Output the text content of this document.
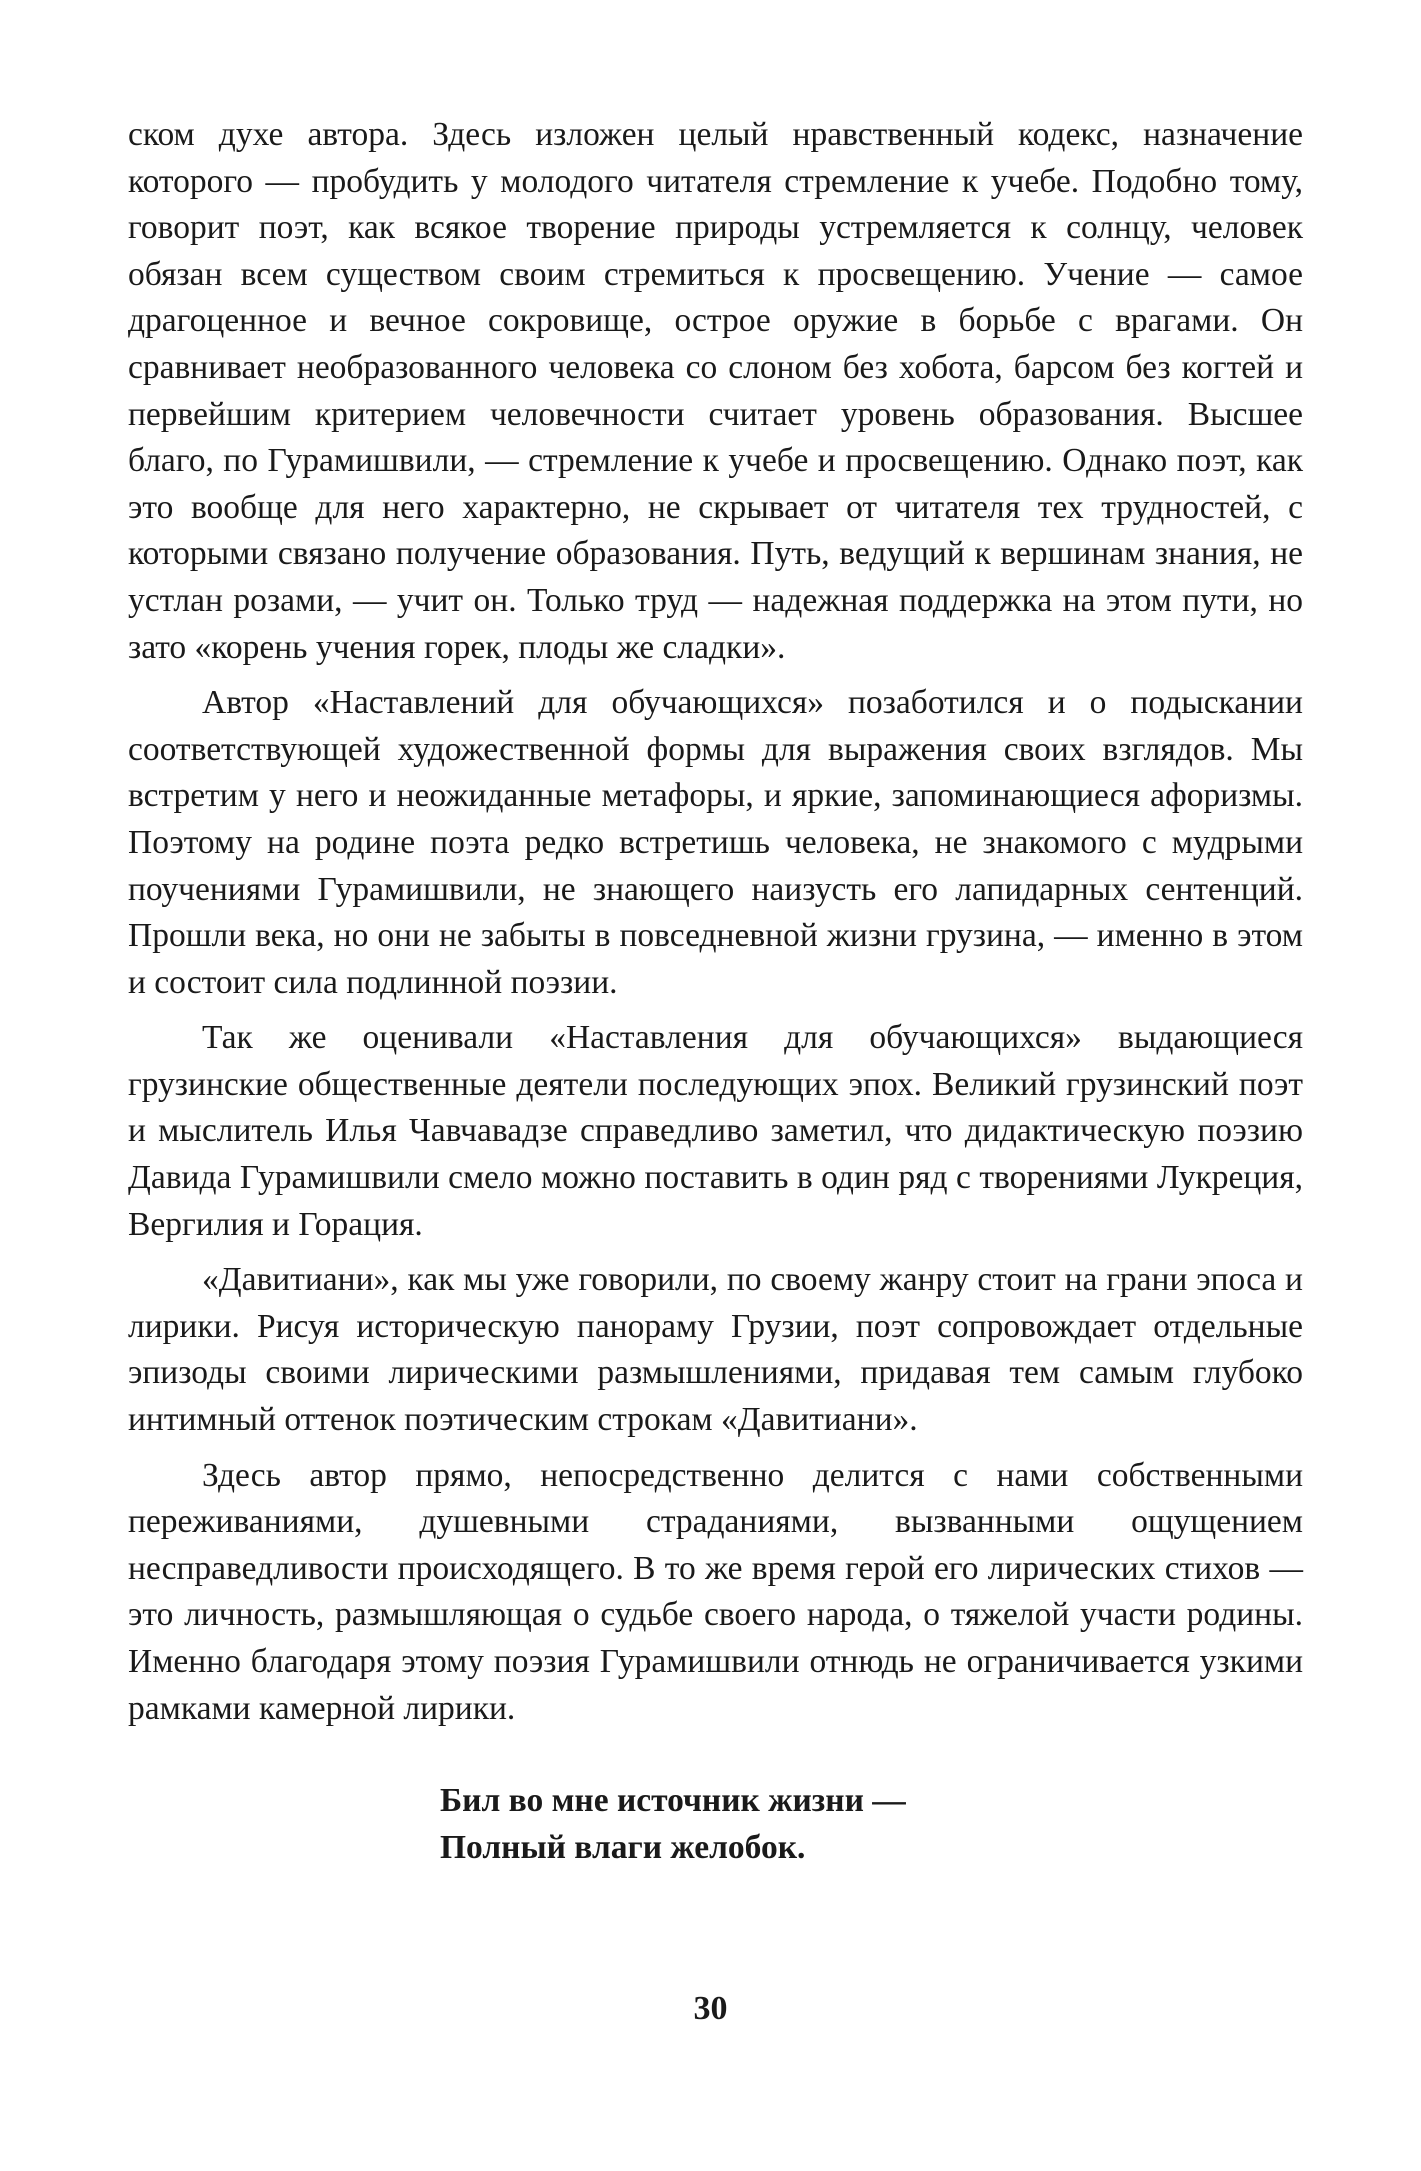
ском духе автора. Здесь изложен целый нравственный кодекс, назначение которого — пробудить у молодого читателя стремление к учебе. Подобно тому, говорит поэт, как всякое творение природы устремляется к солнцу, человек обязан всем существом своим стремиться к просвещению. Учение — самое драгоценное и вечное сокровище, острое оружие в борьбе с врагами. Он сравнивает необразованного человека со слоном без хобота, барсом без когтей и первейшим критерием человечности считает уровень образования. Высшее благо, по Гурамишвили, — стремление к учебе и просвещению. Однако поэт, как это вообще для него характерно, не скрывает от читателя тех трудностей, с которыми связано получение образования. Путь, ведущий к вершинам знания, не устлан розами, — учит он. Только труд — надежная поддержка на этом пути, но зато «корень учения горек, плоды же сладки».

Автор «Наставлений для обучающихся» позаботился и о подыскании соответствующей художественной формы для выражения своих взглядов. Мы встретим у него и неожиданные метафоры, и яркие, запоминающиеся афоризмы. Поэтому на родине поэта редко встретишь человека, не знакомого с мудрыми поучениями Гурамишвили, не знающего наизусть его лапидарных сентенций. Прошли века, но они не забыты в повседневной жизни грузина, — именно в этом и состоит сила подлинной поэзии.

Так же оценивали «Наставления для обучающихся» выдающиеся грузинские общественные деятели последующих эпох. Великий грузинский поэт и мыслитель Илья Чавчавадзе справедливо заметил, что дидактическую поэзию Давида Гурамишвили смело можно поставить в один ряд с творениями Лукреция, Вергилия и Горация.

«Давитиани», как мы уже говорили, по своему жанру стоит на грани эпоса и лирики. Рисуя историческую панораму Грузии, поэт сопровождает отдельные эпизоды своими лирическими размышлениями, придавая тем самым глубоко интимный оттенок поэтическим строкам «Давитиани».

Здесь автор прямо, непосредственно делится с нами собственными переживаниями, душевными страданиями, вызванными ощущением несправедливости происходящего. В то же время герой его лирических стихов — это личность, размышляющая о судьбе своего народа, о тяжелой участи родины. Именно благодаря этому поэзия Гурамишвили отнюдь не ограничивается узкими рамками камерной лирики.

Бил во мне источник жизни —
Полный влаги желобок.
30
